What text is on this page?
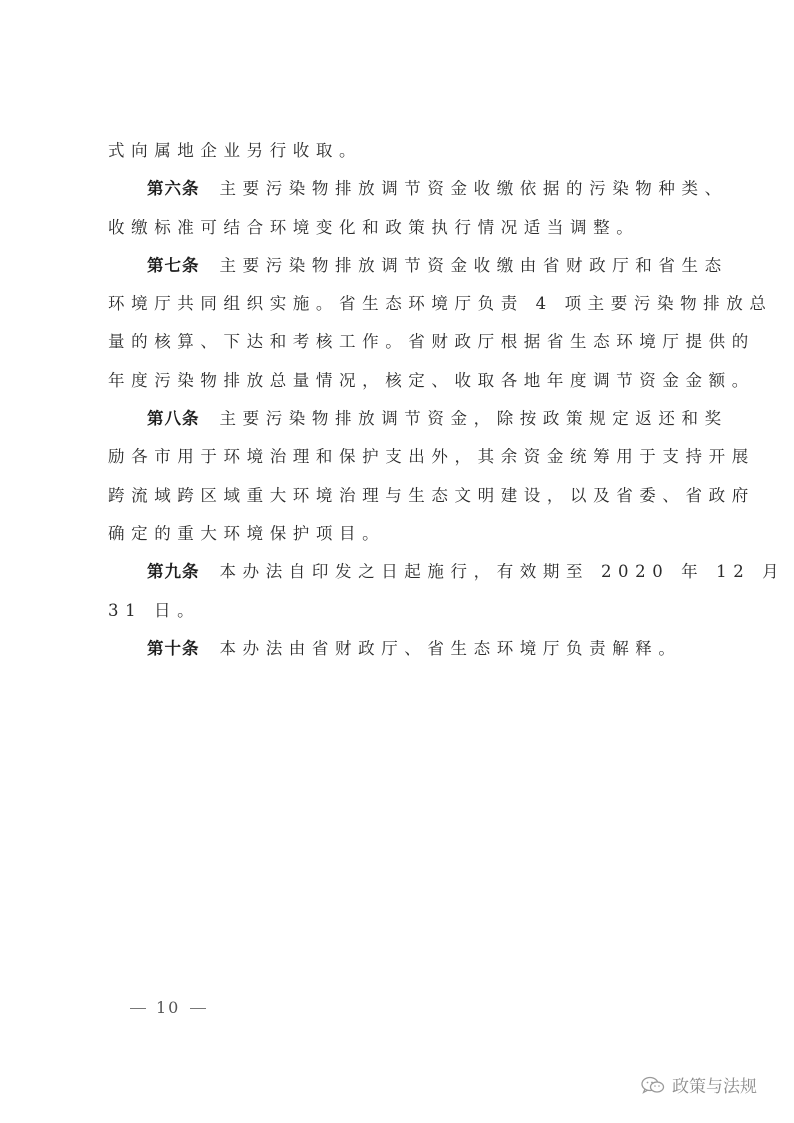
式向属地企业另行收取。
第六条 主要污染物排放调节资金收缴依据的污染物种类、
收缴标准可结合环境变化和政策执行情况适当调整。
第七条 主要污染物排放调节资金收缴由省财政厅和省生态
环境厅共同组织实施。省生态环境厅负责 4 项主要污染物排放总
量的核算、下达和考核工作。省财政厅根据省生态环境厅提供的
年度污染物排放总量情况，核定、收取各地年度调节资金金额。
第八条 主要污染物排放调节资金，除按政策规定返还和奖
励各市用于环境治理和保护支出外，其余资金统筹用于支持开展
跨流域跨区域重大环境治理与生态文明建设，以及省委、省政府
确定的重大环境保护项目。
第九条 本办法自印发之日起施行，有效期至 2020 年 12 月
31 日。
第十条 本办法由省财政厅、省生态环境厅负责解释。
10
政策与法规
